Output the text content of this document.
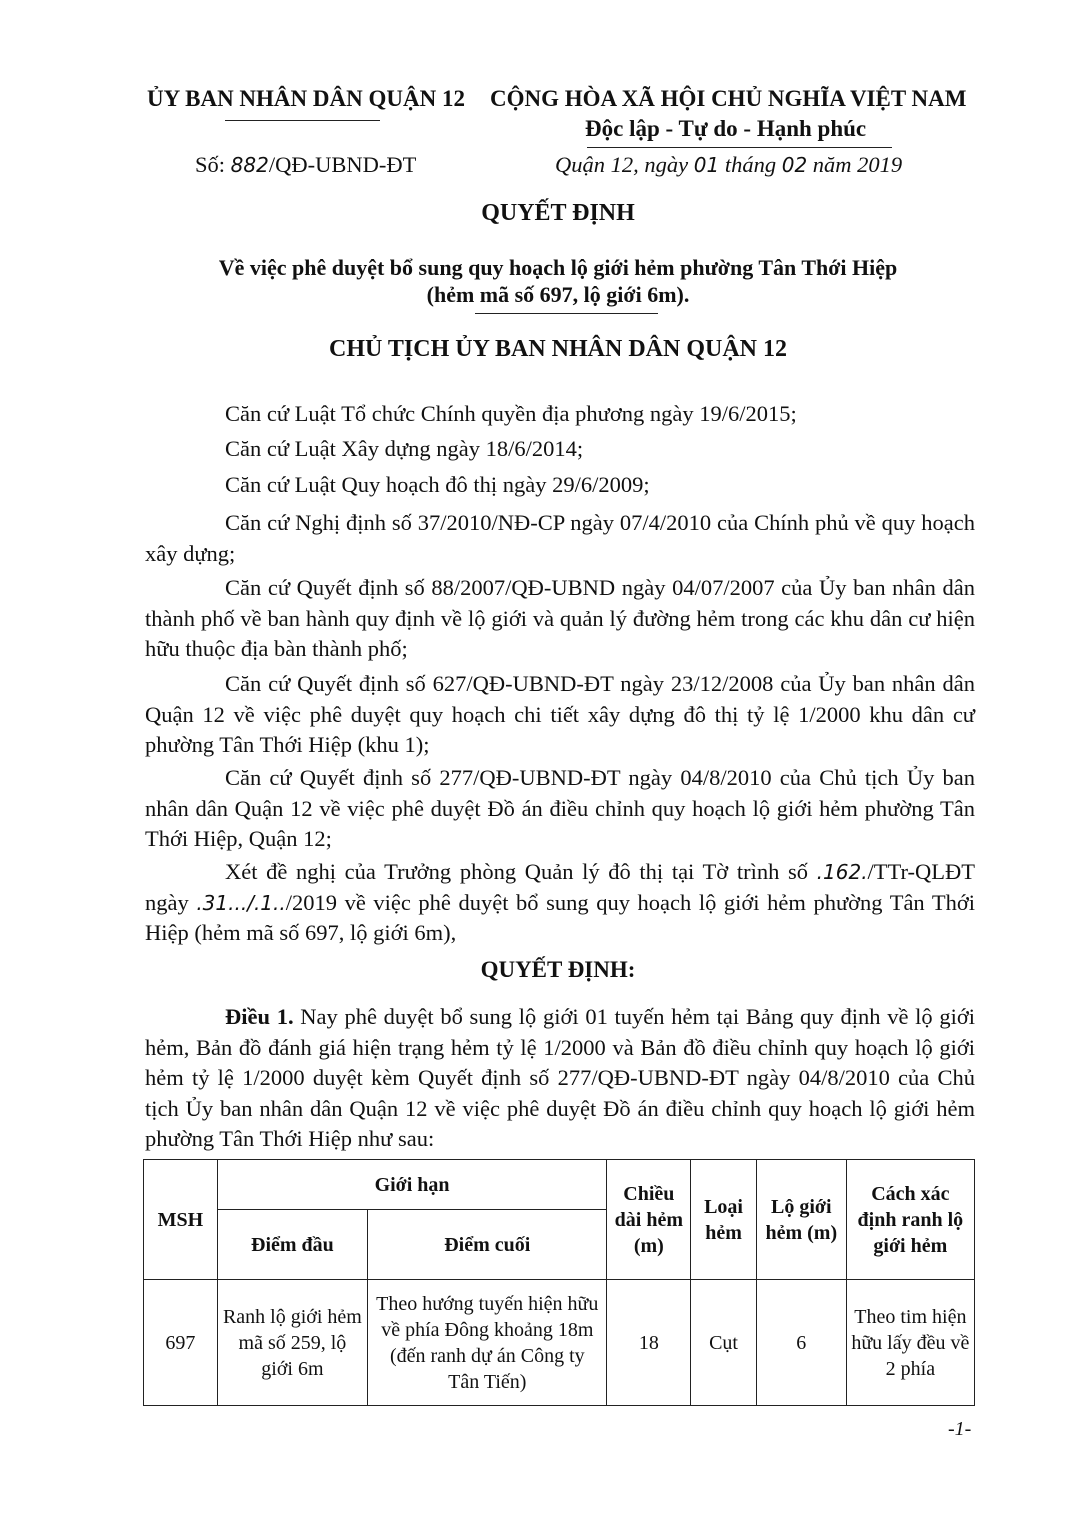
ỦY BAN NHÂN DÂN QUẬN 12 CỘNG HÒA XÃ HỘI CHỦ NGHĨA VIỆT NAM
Độc lập - Tự do - Hạnh phúc
Số: 882/QĐ-UBND-ĐT	Quận 12, ngày 01 tháng 02 năm 2019
QUYẾT ĐỊNH
Về việc phê duyệt bổ sung quy hoạch lộ giới hẻm phường Tân Thới Hiệp
(hẻm mã số 697, lộ giới 6m).
CHỦ TỊCH ỦY BAN NHÂN DÂN QUẬN 12

Căn cứ Luật Tổ chức Chính quyền địa phương ngày 19/6/2015;

Căn cứ Luật Xây dựng ngày 18/6/2014;

Căn cứ Luật Quy hoạch đô thị ngày 29/6/2009;

Căn cứ Nghị định số 37/2010/NĐ-CP ngày 07/4/2010 của Chính phủ về quy hoạch xây dựng;

Căn cứ Quyết định số 88/2007/QĐ-UBND ngày 04/07/2007 của Ủy ban nhân dân thành phố về ban hành quy định về lộ giới và quản lý đường hẻm trong các khu dân cư hiện hữu thuộc địa bàn thành phố;

Căn cứ Quyết định số 627/QĐ-UBND-ĐT ngày 23/12/2008 của Ủy ban nhân dân Quận 12 về việc phê duyệt quy hoạch chi tiết xây dựng đô thị tỷ lệ 1/2000 khu dân cư phường Tân Thới Hiệp (khu 1);

Căn cứ Quyết định số 277/QĐ-UBND-ĐT ngày 04/8/2010 của Chủ tịch Ủy ban nhân dân Quận 12 về việc phê duyệt Đồ án điều chỉnh quy hoạch lộ giới hẻm phường Tân Thới Hiệp, Quận 12;

Xét đề nghị của Trưởng phòng Quản lý đô thị tại Tờ trình số .162./TTr-QLĐT ngày .31.../.1../2019 về việc phê duyệt bổ sung quy hoạch lộ giới hẻm phường Tân Thới Hiệp (hẻm mã số 697, lộ giới 6m),

QUYẾT ĐỊNH:

Điều 1. Nay phê duyệt bổ sung lộ giới 01 tuyến hẻm tại Bảng quy định về lộ giới hẻm, Bản đồ đánh giá hiện trạng hẻm tỷ lệ 1/2000 và Bản đồ điều chỉnh quy hoạch lộ giới hẻm tỷ lệ 1/2000 duyệt kèm Quyết định số 277/QĐ-UBND-ĐT ngày 04/8/2010 của Chủ tịch Ủy ban nhân dân Quận 12 về việc phê duyệt Đồ án điều chỉnh quy hoạch lộ giới hẻm phường Tân Thới Hiệp như sau:

MSH	Giới hạn		Chiều dài hẻm (m)	Loại hẻm	Lộ giới hẻm (m)	Cách xác định ranh lộ giới hẻm
	Điểm đầu	Điểm cuối				
697	Ranh lộ giới hẻm mã số 259, lộ giới 6m	Theo hướng tuyến hiện hữu về phía Đông khoảng 18m (đến ranh dự án Công ty Tân Tiến)	18	Cụt	6	Theo tim hiện hữu lấy đều về 2 phía
-1-
